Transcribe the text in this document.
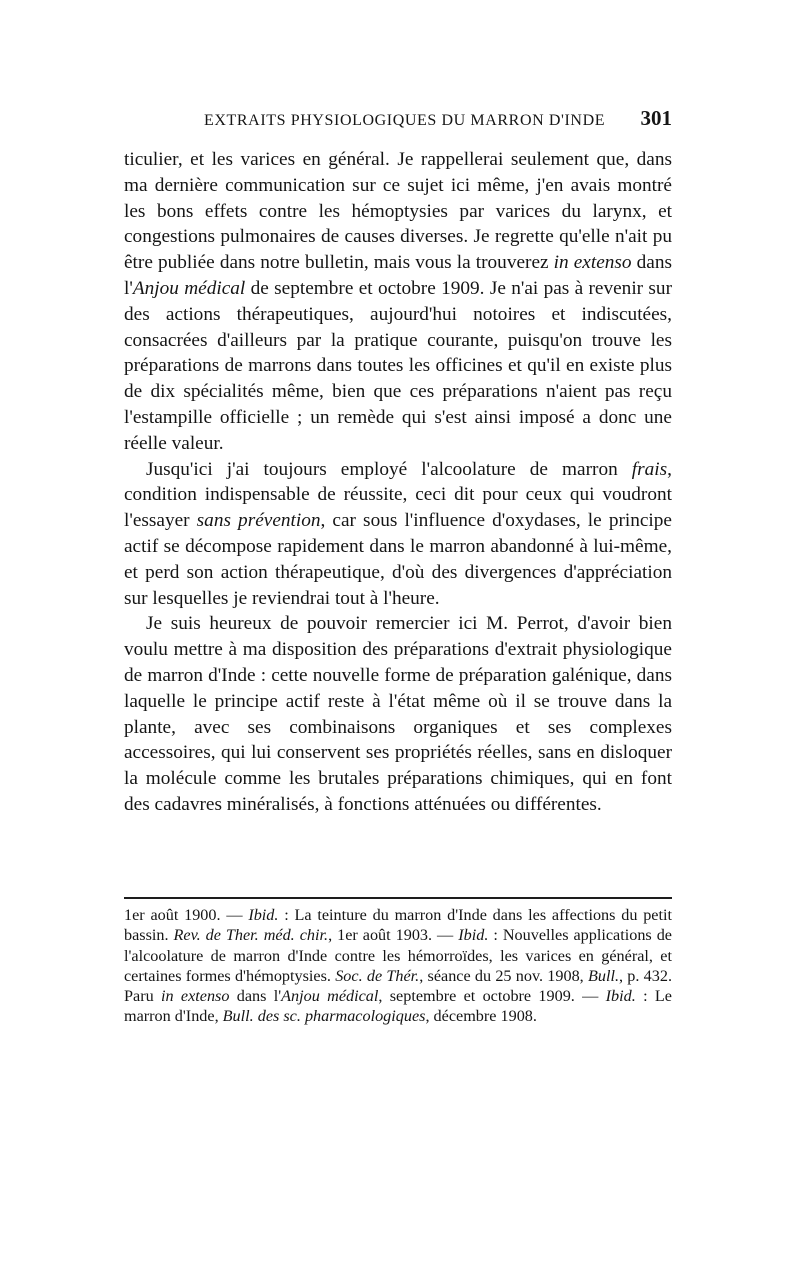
EXTRAITS PHYSIOLOGIQUES DU MARRON D'INDE 301

ticulier, et les varices en général. Je rappellerai seulement que, dans ma dernière communication sur ce sujet ici même, j'en avais montré les bons effets contre les hémoptysies par varices du larynx, et congestions pulmonaires de causes diverses. Je regrette qu'elle n'ait pu être publiée dans notre bulletin, mais vous la trouverez in extenso dans l'Anjou médical de septembre et octobre 1909. Je n'ai pas à revenir sur des actions thérapeutiques, aujourd'hui notoires et indiscutées, consacrées d'ailleurs par la pratique courante, puisqu'on trouve les préparations de marrons dans toutes les officines et qu'il en existe plus de dix spécialités même, bien que ces préparations n'aient pas reçu l'estampille officielle ; un remède qui s'est ainsi imposé a donc une réelle valeur.

Jusqu'ici j'ai toujours employé l'alcoolature de marron frais, condition indispensable de réussite, ceci dit pour ceux qui voudront l'essayer sans prévention, car sous l'influence d'oxydases, le principe actif se décompose rapidement dans le marron abandonné à lui-même, et perd son action thérapeutique, d'où des divergences d'appréciation sur lesquelles je reviendrai tout à l'heure.

Je suis heureux de pouvoir remercier ici M. Perrot, d'avoir bien voulu mettre à ma disposition des préparations d'extrait physiologique de marron d'Inde : cette nouvelle forme de préparation galénique, dans laquelle le principe actif reste à l'état même où il se trouve dans la plante, avec ses combinaisons organiques et ses complexes accessoires, qui lui conservent ses propriétés réelles, sans en disloquer la molécule comme les brutales préparations chimiques, qui en font des cadavres minéralisés, à fonctions atténuées ou différentes.

1er août 1900. — Ibid. : La teinture du marron d'Inde dans les affections du petit bassin. Rev. de Ther. méd. chir., 1er août 1903. — Ibid. : Nouvelles applications de l'alcoolature de marron d'Inde contre les hémorroïdes, les varices en général, et certaines formes d'hémoptysies. Soc. de Thér., séance du 25 nov. 1908, Bull., p. 432. Paru in extenso dans l'Anjou médical, septembre et octobre 1909. — Ibid. : Le marron d'Inde, Bull. des sc. pharmacologiques, décembre 1908.
